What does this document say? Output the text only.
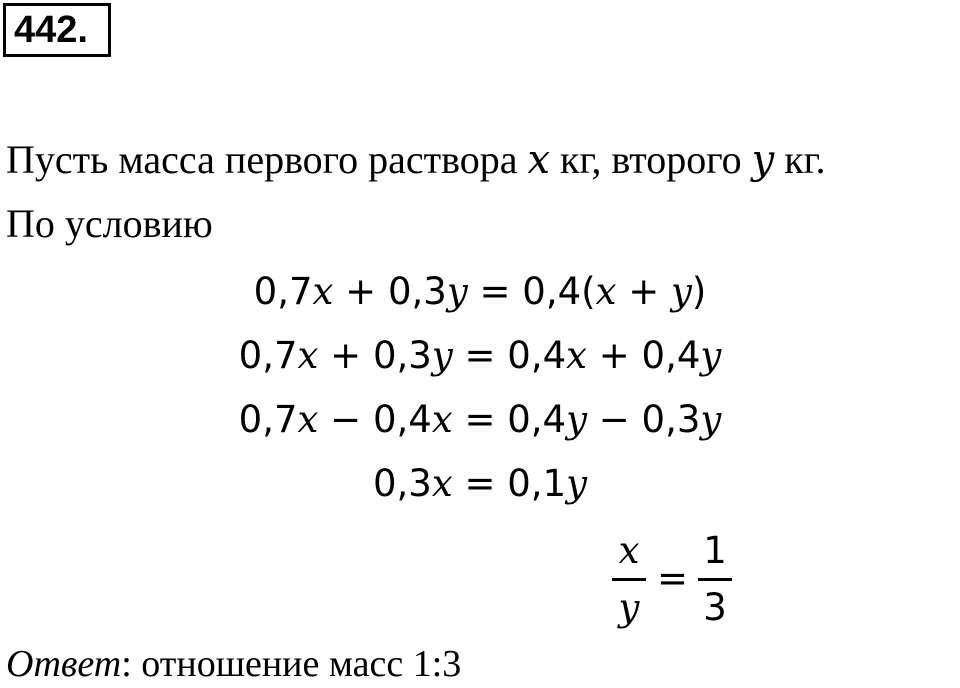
442.
Пусть масса первого раствора x кг, второго y кг.
По условию
0,7x + 0,3y = 0,4(x + y)
0,7x + 0,3y = 0,4x + 0,4y
0,7x − 0,4x = 0,4y − 0,3y
0,3x = 0,1y
x
y
=
1
3
Ответ: отношение масс 1:3
